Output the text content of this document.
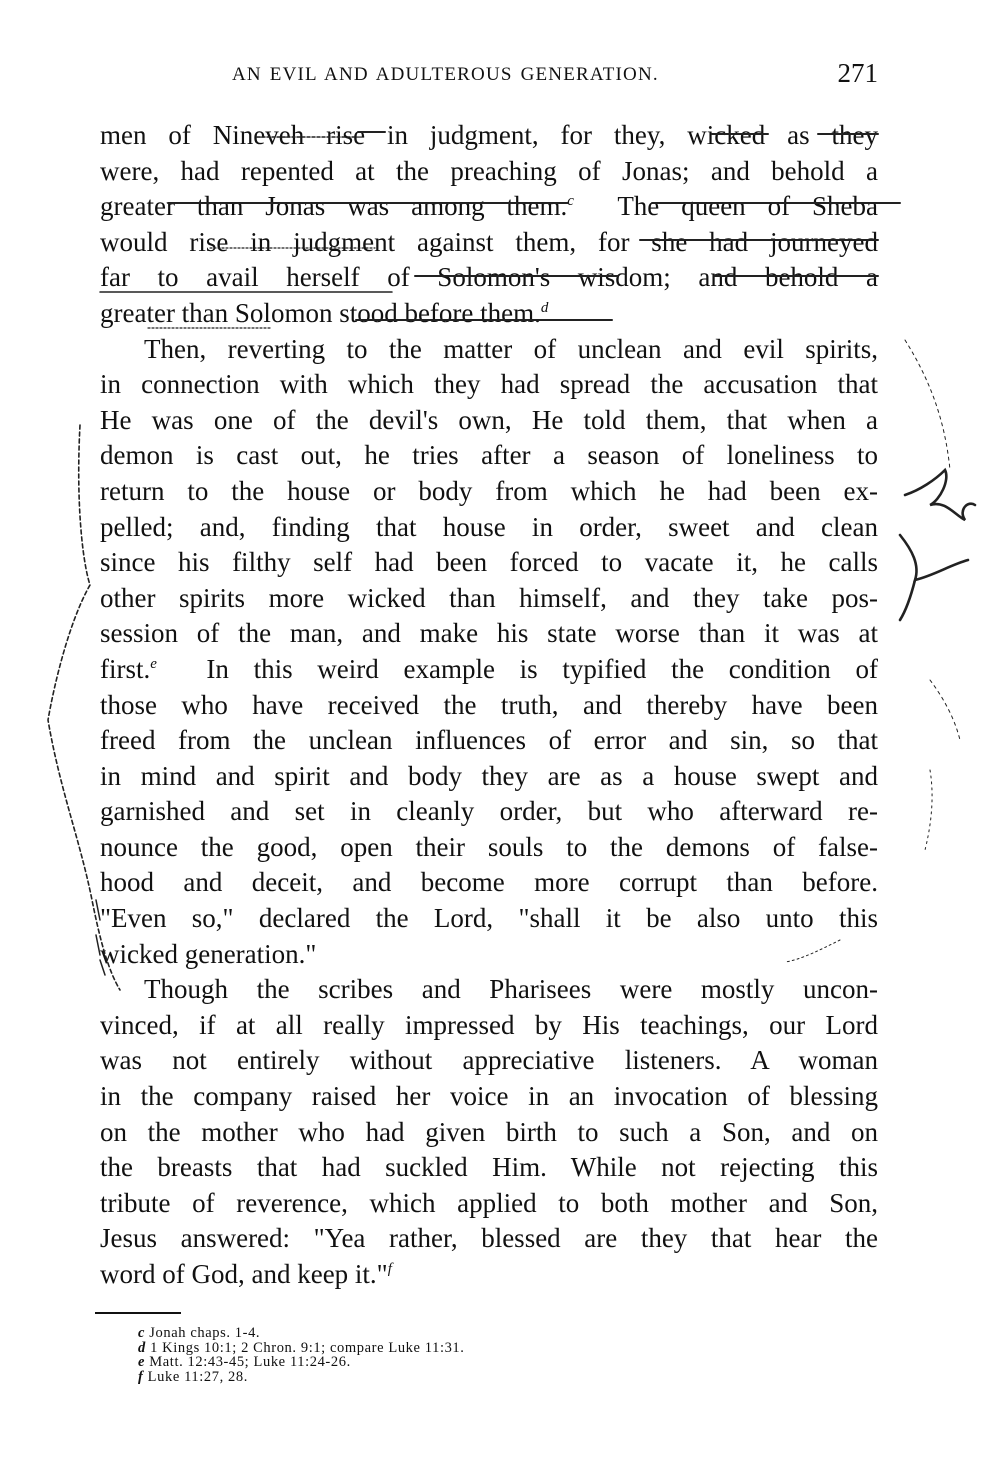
AN EVIL AND ADULTEROUS GENERATION.	271

men of Nineveh rise in judgment, for they, wicked as they
were, had repented at the preaching of Jonas; and behold a
greater than Jonas was among them.$^c$ The queen of Sheba
would rise in judgment against them, for she had journeyed
far to avail herself of Solomon's wisdom; and behold a
greater than Solomon stood before them.$^d$

Then, reverting to the matter of unclean and evil spirits,
in connection with which they had spread the accusation that
He was one of the devil's own, He told them, that when a
demon is cast out, he tries after a season of loneliness to
return to the house or body from which he had been ex-
pelled; and, finding that house in order, sweet and clean
since his filthy self had been forced to vacate it, he calls
other spirits more wicked than himself, and they take pos-
session of the man, and make his state worse than it was at
first.$^e$ In this weird example is typified the condition of
those who have received the truth, and thereby have been
freed from the unclean influences of error and sin, so that
in mind and spirit and body they are as a house swept and
garnished and set in cleanly order, but who afterward re-
nounce the good, open their souls to the demons of false-
hood and deceit, and become more corrupt than before.
"Even so," declared the Lord, "shall it be also unto this
wicked generation."

Though the scribes and Pharisees were mostly uncon-
vinced, if at all really impressed by His teachings, our Lord
was not entirely without appreciative listeners. A woman
in the company raised her voice in an invocation of blessing
on the mother who had given birth to such a Son, and on
the breasts that had suckled Him. While not rejecting this
tribute of reverence, which applied to both mother and Son,
Jesus answered: "Yea rather, blessed are they that hear the
word of God, and keep it."$^f$

c Jonah chaps. 1-4.
d 1 Kings 10:1; 2 Chron. 9:1; compare Luke 11:31.
e Matt. 12:43-45; Luke 11:24-26.
f Luke 11:27, 28.
